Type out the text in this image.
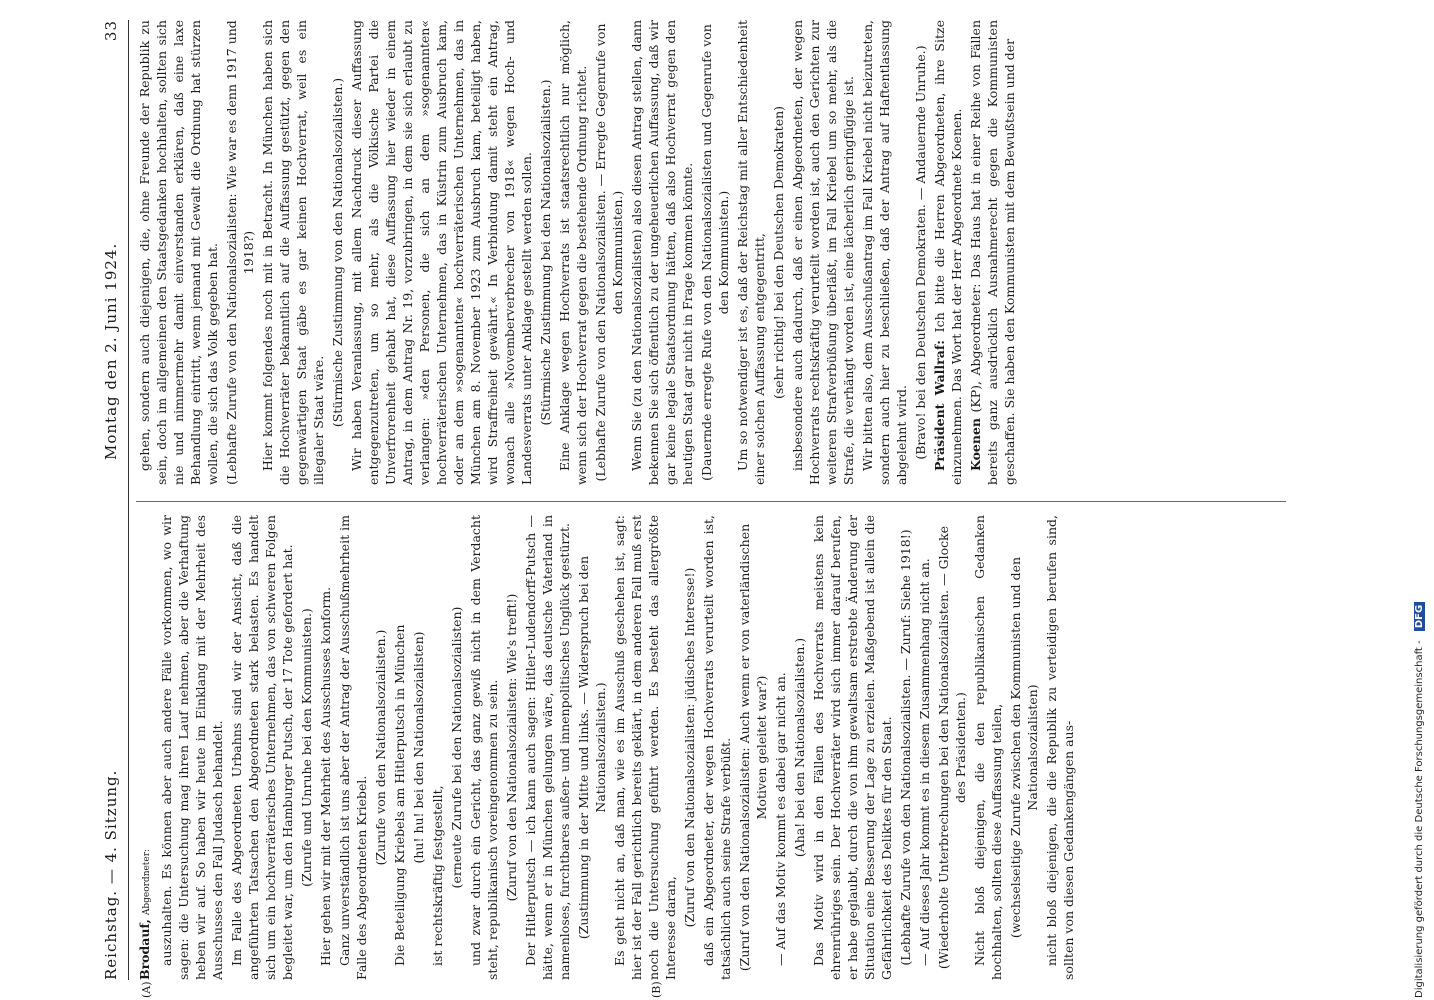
Reichstag. — 4. Sitzung.
Montag den 2. Juni 1924.
33
(A)	(B)

Brodauf, Abgeordneter: auszuhalten. Es können aber auch andere Fälle vorkommen, wo wir sagen: die Untersuchung mag ihren Lauf nehmen, aber die Verhaftung heben wir auf. So haben wir heute im Einklang mit der Mehrheit des Ausschusses den Fall Judasch behandelt. Im Falle des Abgeordneten Urbahns sind wir der Ansicht, daß die angeführten Tatsachen den Abgeordneten stark belasten. Es handelt sich um ein hochverräterisches Unternehmen, das von schweren Folgen begleitet war, um den Hamburger Putsch, der 17 Tote gefordert hat. (Zurufe und Unruhe bei den Kommunisten.) Hier gehen wir mit der Mehrheit des Ausschusses konform. Ganz unverständlich ist uns aber der Antrag der Ausschußmehrheit im Falle des Abgeordneten Kriebel.

(Zurufe von den Nationalsozialisten.) Die Beteiligung Kriebels am Hitlerputsch in München (hu! hu! bei den Nationalsozialisten)

ist rechtskräftig festgestellt, (erneute Zurufe bei den Nationalsozialisten) und zwar durch ein Gericht, das ganz gewiß nicht in dem Verdacht steht, republikanisch voreingenommen zu sein. (Zuruf von den Nationalsozialisten: Wie's trefft!) Der Hitlerputsch — ich kann auch sagen: Hitler-Ludendorff-Putsch — hätte, wenn er in München gelungen wäre, das deutsche Vaterland in namenloses, furchtbares außen- und innenpolitisches Unglück gestürzt. (Zustimmung in der Mitte und links. — Widerspruch bei den Nationalsozialisten.) Es geht nicht an, daß man, wie es im Ausschuß geschehen ist, sagt: hier ist der Fall gerichtlich bereits geklärt, in dem anderen Fall muß erst noch die Untersuchung geführt werden. Es besteht das allergrößte Interesse daran,

(Zuruf von den Nationalsozialisten: jüdisches Interesse!) daß ein Abgeordneter, der wegen Hochverrats verurteilt worden ist, tatsächlich auch seine Strafe verbüßt. (Zuruf von den Nationalsozialisten: Auch wenn er von vaterländischen Motiven geleitet war?) — Auf das Motiv kommt es dabei gar nicht an. (Aha! bei den Nationalsozialisten.) Das Motiv wird in den Fällen des Hochverrats meistens kein ehrenrühriges sein. Der Hochverräter wird sich immer darauf berufen, er habe geglaubt, durch die von ihm gewaltsam erstrebte Änderung der Situation eine Besserung der Lage zu erzielen. Maßgebend ist allein die Gefährlichkeit des Deliktes für den Staat. (Lebhafte Zurufe von den Nationalsozialisten. — Zuruf: Siehe 1918!) — Auf dieses Jahr kommt es in diesem Zusammenhang nicht an. (Wiederholte Unterbrechungen bei den Nationalsozialisten. — Glocke des Präsidenten.) Nicht bloß diejenigen, die den republikanischen Gedanken hochhalten, sollten diese Auffassung teilen, (wechselseitige Zurufe zwischen den Kommunisten und den Nationalsozialisten) nicht bloß diejenigen, die die Republik zu verteidigen berufen sind, sollten von diesen Gedankengängen aus-

gehen, sondern auch diejenigen, die, ohne Freunde der Republik zu sein, doch im allgemeinen den Staatsgedanken hochhalten, sollten sich nie und nimmermehr damit einverstanden erklären, daß eine laxe Behandlung eintritt, wenn jemand mit Gewalt die Ordnung hat stürzen wollen, die sich das Volk gegeben hat. (Lebhafte Zurufe von den Nationalsozialisten: Wie war es denn 1917 und 1918?) Hier kommt folgendes noch mit in Betracht. In München haben sich die Hochverräter bekanntlich auf die Auffassung gestützt, gegen den gegenwärtigen Staat gäbe es gar keinen Hochverrat, weil es ein illegaler Staat wäre. (Stürmische Zustimmung von den Nationalsozialisten.) Wir haben Veranlassung, mit allem Nachdruck dieser Auffassung entgegenzutreten, um so mehr, als die Völkische Partei die Unverfrorenheit gehabt hat, diese Auffassung hier wieder in einem Antrag, in dem Antrag Nr. 19, vorzubringen, in dem sie sich erlaubt zu verlangen: »den Personen, die sich an dem »sogenannten« hochverräterischen Unternehmen, das in Küstrin zum Ausbruch kam, oder an dem »sogenannten« hochverräterischen Unternehmen, das in München am 8. November 1923 zum Ausbruch kam, beteiligt haben, wird Straffreiheit gewährt.« In Verbindung damit steht ein Antrag, wonach alle »Novemberverbrecher von 1918« wegen Hoch- und Landesverrats unter Anklage gestellt werden sollen. (Stürmische Zustimmung bei den Nationalsozialisten.) Eine Anklage wegen Hochverrats ist staatsrechtlich nur möglich, wenn sich der Hochverrat gegen die bestehende Ordnung richtet. (Lebhafte Zurufe von den Nationalsozialisten. — Erregte Gegenrufe von den Kommunisten.) Wenn Sie (zu den Nationalsozialisten) also diesen Antrag stellen, dann bekennen Sie sich öffentlich zu der ungeheuerlichen Auffassung, daß wir gar keine legale Staatsordnung hätten, daß also Hochverrat gegen den heutigen Staat gar nicht in Frage kommen könnte. (Dauernde erregte Rufe von den Nationalsozialisten und Gegenrufe von den Kommunisten.) Um so notwendiger ist es, daß der Reichstag mit aller Entschiedenheit einer solchen Auffassung entgegentritt, (sehr richtig! bei den Deutschen Demokraten) insbesondere auch dadurch, daß er einen Abgeordneten, der wegen Hochverrats rechtskräftig verurteilt worden ist, auch den Gerichten zur weiteren Strafverbüßung überläßt, im Fall Kriebel um so mehr, als die Strafe, die verhängt worden ist, eine lächerlich geringfügige ist. Wir bitten also, dem Ausschußantrag im Fall Kriebel nicht beizutreten, sondern auch hier zu beschließen, daß der Antrag auf Haftentlassung abgelehnt wird. (Bravo! bei den Deutschen Demokraten. — Andauernde Unruhe.) Präsident Wallraf: Ich bitte die Herren Abgeordneten, ihre Sitze einzunehmen. Das Wort hat der Herr Abgeordnete Koenen. Koenen (KP), Abgeordneter: Das Haus hat in einer Reihe von Fällen bereits ganz ausdrücklich Ausnahmerecht gegen die Kommunisten geschaffen. Sie haben den Kommunisten mit dem Bewußtsein und der

Digitalisierung gefördert durch die Deutsche Forschungsgemeinschaft - DFG
